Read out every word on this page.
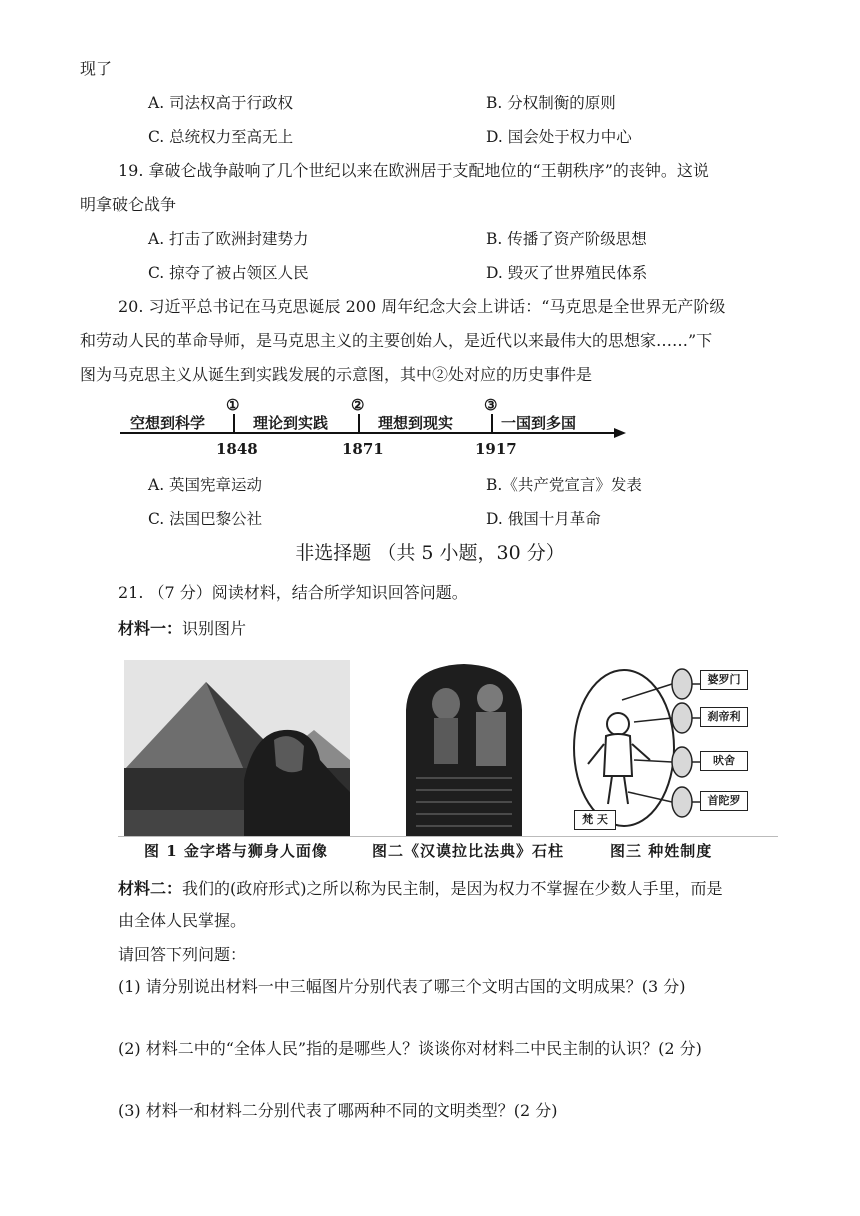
现了
A. 司法权高于行政权	B. 分权制衡的原则
C. 总统权力至高无上	D. 国会处于权力中心
19. 拿破仑战争敲响了几个世纪以来在欧洲居于支配地位的“王朝秩序”的丧钟。这说
明拿破仑战争
A. 打击了欧洲封建势力	B. 传播了资产阶级思想
C. 掠夺了被占领区人民	D. 毁灭了世界殖民体系
20. 习近平总书记在马克思诞辰 200 周年纪念大会上讲话：“马克思是全世界无产阶级
和劳动人民的革命导师，是马克思主义的主要创始人，是近代以来最伟大的思想家……”下
图为马克思主义从诞生到实践发展的示意图，其中②处对应的历史事件是
空想到科学	理论到实践	理想到现实	一国到多国
①	②	③
1848	1871	1917
A. 英国宪章运动	B.《共产党宣言》发表
C. 法国巴黎公社	D. 俄国十月革命
非选择题 （共 5 小题，30 分）
21. （7 分）阅读材料，结合所学知识回答问题。
材料一：识别图片
婆罗门
刹帝利
吠舍
首陀罗
梵 天
图 1 金字塔与狮身人面像	图二《汉谟拉比法典》石柱	图三 种姓制度
材料二：我们的(政府形式)之所以称为民主制，是因为权力不掌握在少数人手里，而是
由全体人民掌握。
请回答下列问题：
(1) 请分别说出材料一中三幅图片分别代表了哪三个文明古国的文明成果？(3 分)
(2) 材料二中的“全体人民”指的是哪些人？谈谈你对材料二中民主制的认识？(2 分)
(3) 材料一和材料二分别代表了哪两种不同的文明类型？(2 分)
